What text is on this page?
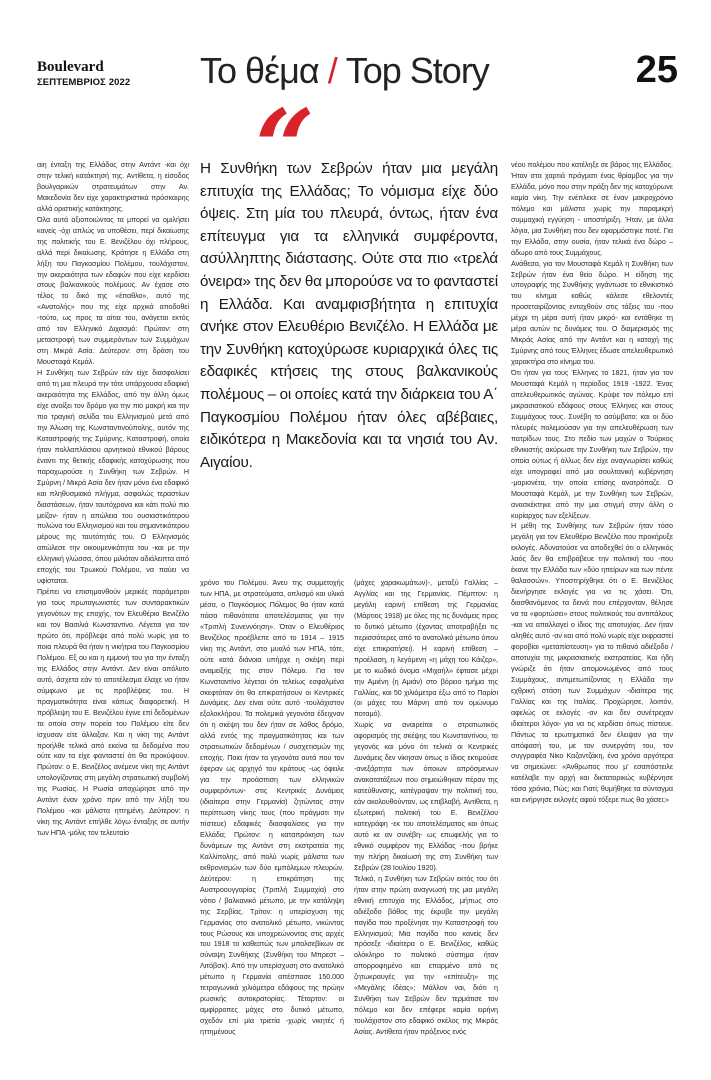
Boulevard
ΣΕΠΤΕΜΒΡΙΟΣ 2022	Το θέμα / Top Story	25
“
Η Συνθήκη των Σεβρών ήταν μια μεγάλη επιτυχία της Ελλάδας; Το νόμισμα είχε δύο όψεις. Στη μία του πλευρά, όντως, ήταν ένα επίτευγμα για τα ελληνικά συμφέροντα, ασύλληπτης διάστασης. Ούτε στα πιο «τρελά όνειρα» της δεν θα μπορούσε να το φανταστεί η Ελλάδα. Και αναμφισβήτητα η επιτυχία ανήκε στον Ελευθέριο Βενιζέλο. Η Ελλάδα με την Συνθήκη κατοχύρωσε κυριαρχικά όλες τις εδαφικές κτήσεις της στους βαλκανικούς πολέμους – οι οποίες κατά την διάρκεια του Α΄ Παγκοσμίου Πολέμου ήταν όλες αβέβαιες, ειδικότερα η Μακεδονία και τα νησιά του Αν. Αιγαίου.

αιη ένταξη της Ελλάδος στην Αντάντ -και όχι στην τελική κατάκτησή της. Αντίθετα, η είσοδος βουλγαρικών στρατευμάτων στην Αν. Μακεδονία δεν είχε χαρακτηριστικά πρόσκαιρης αλλά οριστικής κατάκτησης.

Όλα αυτά αξιοποιώντας τα μπορεί να ομιλήσει κανείς -όχι απλώς να υποθέσει, περί δικαίωσης της πολιτικής του Ε. Βενιζέλου όχι πλήρους, αλλά περί δικαίωσης. Κράτησε η Ελλάδα στη λήξη του Παγκοσμίου Πολέμου, τουλάχιστον, την ακεραιότητα των εδαφών που είχε κερδίσει στους βαλκανικούς πολέμους. Αν έχασε στο τέλος το δικό της «έπαθλο», αυτό της «Ανατολής» που της είχε αρχικά αποδοθεί -τούτο, ως προς τα αίτια του, ανάγεται εκτός από τον Ελληνικό Διχασμό: Πρώτον: στη μεταστροφή των συμμερόντων των Συμμάχων στη Μικρά Ασία. Δεύτερον: στη δράση του Μουσταφά Κεμάλ.

Η Συνθήκη των Σεβρών εάν είχε διασφαλίσει από τη μια πλευρά την τότε υπάρχουσα εδαφική ακεραιότητα της Ελλάδος, από την άλλη όμως είχε ανοίξει τον δρόμο για την πιο μακρή και την πιο τραγική σελίδα του Ελληνισμού μετά από την Άλωση της Κωνσταντινούπολης, αυτόν της Καταστροφής της Σμύρνης. Καταστροφή, οποία ήταν πολλαπλάσιου αρνητικού εθνικού βάρους έναντι της θετικής εδαφικής κατοχύρωσης που παραχωρούσε η Συνθήκη των Σεβρών. Η Σμύρνη / Μικρά Ασία δεν ήταν μόνο ένα εδαφικό και πληθυσμιακό πλήγμα, ασφαλώς τεραστίων διαστάσεων, ήταν ταυτόχρονα και κάτι πολύ πιο μείζον- ήταν η απώλεια του ουσιαστικότερου πυλώνα του Ελληνισμού και του σημαντικότερου μέρους της ταυτότητάς του. Ο Ελληνισμός απώλεσε την οικουμενικότητα του -και με την ελληνική γλώσσα, όπου μιλιόταν αδιάλειπτα από εποχής του Τρωικού Πολέμου, να παύει να υφίσταται.

Πρέπει να επισημανθούν μερικές παράμετροι για τους πρωταγωνιστές των συνταρακτικών γεγονότων της εποχής, τον Ελευθέριο Βενιζέλο και τον Βασιλιά Κωνσταντίνο. Λέγεται για τον πρώτο ότι, πρόβλεψε από πολύ νωρίς για το ποια πλευρά θα ήταν η νικήτρια του Παγκοσμίου Πολέμου. Εξ ου και η εμμονή του για την ένταξη της Ελλάδος στην Αντάντ. Δεν είναι απόλυτο αυτό, άσχετα εάν το αποτέλεσμα έλαχε να ήταν σύμφωνο με τις προβλέψεις του. Η πραγματικότητα είναι κάπως διαφορετική. Η πρόβλεψη του Ε. Βενιζέλου έγινε επί δεδομένων τα οποία στην πορεία του Πολέμου είτε δεν ίσχυσαν είτε άλλαξαν. Και η νίκη της Αντάντ προήλθε τελικά από εκείνα τα δεδομένα που ούτε καν τα είχε φανταστεί ότι θα προκύψουν. Πρώτον: ο Ε. Βενιζέλος ανέμενε νίκη της Αντάντ υπολογίζοντας στη μεγάλη στρατιωτική συμβολή της Ρωσίας. Η Ρωσία αποχώρησε από την Αντάντ έναν χρόνο πριν από την λήξη του Πολέμου -και μάλιστα ηττημένη. Δεύτερον: η νίκη της Αντάντ επήλθε λόγω ένταξης σε αυτήν των ΗΠΑ -μόλις τον τελευταίο

χρόνο του Πολέμου. Άνευ της συμμετοχής των ΗΠΑ, με στρατεύματα, οπλισμό και υλικά μέσα, ο Παγκόσμιος Πόλεμος θα ήταν κατά πάσα πιθανότατα αποτελέσματος για την «Τριπλή Συνεννόηση». Όταν ο Ελευθέριος Βενιζέλος προέβλεπε από το 1914 – 1915 νίκη της Αντάντ, στο μυαλό των ΗΠΑ, τότε, ούτε κατά διάνοια υπήρχε η σκέψη περί αναμείξής της στον Πόλεμο. Για τον Κωνσταντίνο λέγεται ότι τελείως εσφαλμένα σκεφτόταν ότι θα επικρατήσουν οι Κεντρικές Δυνάμεις. Δεν είναι ούτε αυτό -τουλάχιστον εξολοκλήρου. Τα πολεμικά γεγονότα έδειχναν ότι η σκέψη του δεν ήταν σε λάθος δρόμο, αλλά εντός της πραγματικότητας και των στρατιωτικών δεδομένων / συσχετισμών της εποχής. Ποια ήταν τα γεγονότα αυτά που τον έφεραν ως αρχηγό του κράτους -ως όφειλε για την προάσπιση των ελληνικών συμφερόντων- στις Κεντρικές Δυνάμεις (ιδιαίτερα στην Γερμανία) ζητώντας στην περίπτωση νίκης τους (που πράγματι την πίστευε) εδαφικές διασφαλίσεις για την Ελλάδα; Πρώτον: η καταπρόκηση των δυνάμεων της Αντάντ στη εκστρατεία της Καλλίπολης, από πολύ νωρίς μάλιστα των εκθρονισμών των δύο εμπόλεμων πλευρών. Δεύτερον: η επικράτηση της Αυστροουγγαρίας (Τριπλή Συμμαχία) στο νότιο / βαλκανικό μέτωπο, με την κατάληψη της Σερβίας. Τρίτον: η υπερίσχυση της Γερμανίας στο ανατολικό μέτωπο, νικώντας τους Ρώσους και υποχρεώνοντας στις αρχές του 1918 το καθεστώς των μπολσεβίκων σε σύναψη Συνθήκης (Συνθήκη του Μπρεστ – Λιτόβσκ). Από την υπερίσχυση στο ανατολικό μέτωπο η Γερμανία απέσπασε 150.000 τετραγωνικά χιλιόμετρα εδάφους της πρώην ρωσικής αυτοκρατορίας. Τέταρτον: οι αμφίρροπες μάχες στο δυτικό μέτωπο, σχεδόν επί μία τριετία -χωρίς νικητές ή ηττημένους

(μάχες χαρακωμάτων)-, μεταξύ Γαλλίας – Αγγλίας και της Γερμανίας. Πέμπτον: η μεγάλη εαρινή επίθεση της Γερμανίας (Μάρτιος 1918) με όλες της τις δυνάμεις προς το δυτικό μέτωπο (έχοντας αποτραβήξει τις περισσότερες από το ανατολικό μέτωπο όπου είχε επικρατήσει). Η εαρινή επίθεση – προέλαση, η λεγόμενη «η μάχη του Κάιζερ», με το κωδικό όνομα «Μιχαήλ» έφτασε μέχρι την Αμιένη (η Αμιάν) στο βόρειο τμήμα της Γαλλίας, και 50 χιλιόμετρα έξω από το Παρίσι (οι μάχες του Μάρνη από τον ομώνυμο ποταμό).

Χωρίς να αναιρείται ο στρατιωτικός αφορισμός της σκέψης του Κωνσταντίνου, το γεγονός και μόνο ότι τελικά οι Κεντρικές Δυνάμεις δεν νίκησαν όπως ο ίδιος εκτιμούσε -ανεξάρτητα των όποιων απρόσμενων ανακατατάξεων που σημειώθηκαν πέραν της κατεύθυνσης, κατέγραψαν την πολιτική του, εάν ακολουθούνταν, ως επιβλαβή. Αντίθετα, η εξωτερική πολιτική του Ε. Βενιζέλου κατεγράφη -εκ του αποτελέσματος και όπως αυτό κε αν συνέβη- ως επωφελής για το εθνικό συμφέρον της Ελλάδας -που βρήκε την πλήρη δικαίωσή της στη Συνθήκη των Σεβρών (28 Ιουλίου 1920).

Τελικά, η Συνθήκη των Σεβρών εκτός του ότι ήταν στην πρώτη αναγνωσή της μια μεγάλη εθνική επιτυχία της Ελλάδος, μήπως στο αδιέξοδο βάθος της έκρυβε την μεγάλη παγίδα που προξένησε την Καταστροφή του Ελληνισμού; Μια παγίδα που κανείς δεν πρόσεξε -ιδιαίτερα ο Ε. Βενιζέλος, καθώς ολόκληρο το πολιτικό σύστημα ήταν απορροφημένο και επαρμένο από τις ζητωκραυγές για την «επίτευξη» της «Μεγάλης Ιδέας»; Μάλλον ναι, διότι η Συνθήκη των Σεβρών δεν τερμάτισε τον πόλεμο και δεν επέφερε καμία ειρήνη τουλάχιστον στο εδαφικό σκέλος της Μικράς Ασίας. Αντίθετα ήταν πρόξενος ενός

νέου πολέμου που κατέληξε σε βάρος της Ελλάδος. Ήταν στα χαρτιά πράγματι ένας θρίαμβος για την Ελλάδα, μόνο που στην πράξη δεν της κατοχύρωνε καμία νίκη. Την ενέπλεκε σε έναν μακροχρόνιο πόλεμο και μάλιστα χωρίς την παραμικρή συμμαχική εγγύηση - υποστήριξη. Ήταν, με άλλα λόγια, μια Συνθήκη που δεν εφαρμόστηκε ποτέ. Για την Ελλάδα, στην ουσία, ήταν τελικά ένα δώρο – άδωρο από τους Συμμάχους.

Ανάθεσα, για τον Μουσταφά Κεμάλ η Συνθήκη των Σεβρών ήταν ένα θείο δώρο. Η είδηση της υπογραφής της Συνθήκης γιγάντωσε το εθνικιστικό του κίνημα καθώς κάλεσε εθελοντές προσεταιρίζοντας ενταχθούν στις τάξεις του -που μέχρι τη μέρα αυτή ήταν μικρό- και εντάθηκε τη μέρα αυτών τις δυνάμεις του. Ο διαμερισμός της Μικράς Ασίας από την Αντάντ και η κατοχή της Σμύρνης από τους Έλληνες έδωσε απελευθερωτικό χαρακτήρα στο κίνημα του.

Ότι ήταν για τους Έλληνες το 1821, ήταν για τον Μουσταφά Κεμάλ η περίοδος 1919 -1922. Ένας απελευθερωτικός αγώνας. Κρύψε τον πόλεμο επί μικρασιατικού εδάφους στους Έλληνες και στους Συμμάχους τους. Συνέβη το ασύμβατο: και οι δύο πλευρές πολεμούσαν για την απελευθέρωση των πατρίδων τους. Στο πεδίο των μαχών ο Τούρκος εθνικιστής ακύρωσε την Συνθήκη των Σεβρών, την οποία ούτως ή άλλως δεν είχε αναγνωρίσει καθώς είχε υπογραφεί από μια σουλτανική κυβέρνηση -μαριονέτα, την οποία επίσης ανατρόπαζε. Ο Μουσταφά Κεμάλ, με την Συνθήκη των Σεβρών, ανασκέκτηκε από την μια στιγμή στην άλλη ο κυρίαρχος των εξελίξεων.

Η μέθη της Συνθήκης των Σεβρών ήταν τόσο μεγάλη για τον Ελευθέριο Βενιζέλο που προκήρυξε εκλογές. Αδυνατούσε να αποδεχθεί ότι ο ελληνικός λαός δεν θα επιβράβευε την πολιτική του -που έκανε την Ελλάδα των «δύο ηπείρων και των πέντε θαλασσών». Υποστηρίχθηκε ότι ο Ε. Βενιζέλος διενήργησε εκλογές για να τις χάσει. Ότι, διασθανόμενος τα δεινά που επέρχονταν, θέλησε να τα «φορτώσει» στους πολιτικούς του αντιπάλους -και να απαλλαγεί ο ίδιος της αποτυχίας. Δεν ήταν αληθές αυτό -αν και από πολύ νωρίς είχε εκφραστεί φοροβίαι «μεταπίστευση» για το πιθανό αδιέξοδο / αποτυχία της μικρασιατικής εκστρατείας. Και ήδη γνώριζε ότι ήταν απομονωμένος από τους Συμμάχους, αντιμετωπίζοντας η Ελλάδα την εχθρική στάση των Συμμάχων -ιδιαίτερα της Γαλλίας και της Ιταλίας. Προχώρησε, λοιπόν, αφελώς σε εκλογές -αν και δεν συνέτρεχαν ιδιαίτεροι λόγοι- για να τις κερδίσει όπως πίστευε. Πάντως τα ερωτηματικά δεν έλειψαν για την απόφασή του, με τον συνεργάτη του, τον συγγραφέα Νίκο Καζαντζάκη, ένα χρόνο αργότερα να σημειώνει: «Άνθρωπος που μ' εσαπόστειλε κατέλαβε την αρχή και δικτατορικώς κυβέρνησε τόσα χρόνια, Πώς; και Γιατί; θυμήθηκε τα σύνταγμα και ενήργησε εκλογές αφού τόξερε πως θα χάσει;»
